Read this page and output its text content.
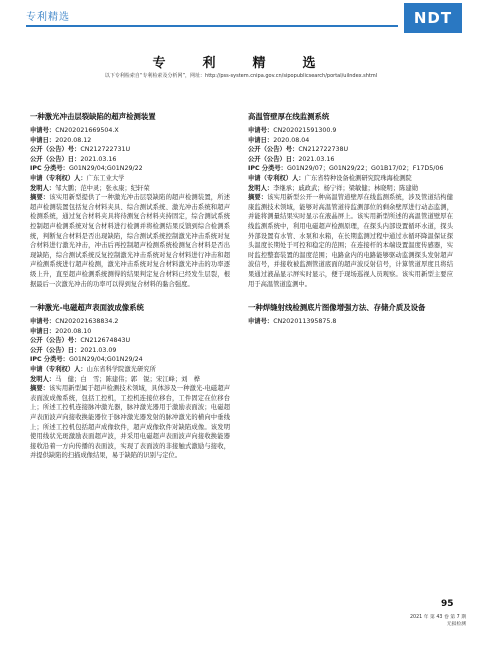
专利精选	NDT
专　利　精　选
以下专利检索自“专利检索及分析网”，网址：http://pss-system.cnipa.gov.cn/sipopublicsearch/portal/uilndex.shtml
一种激光冲击层裂缺陷的超声检测装置
申请号：CN202021669504.X
申请日：2020.08.12
公开（公告）号：CN212722731U
公开（公告）日：2021.03.16
IPC 分类号：G01N29/04;G01N29/22
申请（专利权）人：广东工业大学
发明人：邹大鹏；范中灵；张永康；纪轩荣
摘要：该实用新型提供了一种激光冲击层裂缺陷的超声检测装置，所述超声检测装置包括复合材料夹具、综合测试系统、激光冲击系统和超声检测系统，通过复合材料夹具将待测复合材料夹持固定，综合测试系统控制超声检测系统对复合材料进行检测并将检测结果反馈到综合检测系统，判断复合材料是否出现缺陷，综合测试系统控制激光冲击系统对复合材料进行激光冲击，冲击后再控制超声检测系统检测复合材料是否出现缺陷，综合测试系统反复控制激光冲击系统对复合材料进行冲击和超声检测系统进行超声检测，激光冲击系统对复合材料激光冲击的功率逐级上升，直至超声检测系统测得的结果判定复合材料已经发生层裂，根据最后一次激光冲击的功率可以得到复合材料的黏合强度。
一种激光-电磁超声表面波成像系统
申请号：CN202021638834.2
申请日：2020.08.10
公开（公告）号：CN212674843U
公开（公告）日：2021.03.09
IPC 分类号：G01N29/04;G01N29/24
申请（专利权）人：山东省科学院激光研究所
发明人：马　健；白　雪；陈建伟；郭　锐；宋江峰；刘　桦
摘要：该实用新型属于超声检测技术领域，具体涉及一种激光-电磁超声表面波成像系统，包括工控机，工控机连接位移台，工件固定在位移台上；所述工控机连接脉冲激光器，脉冲激光器用于激励表面波；电磁超声表面波声向接收换能器位于脉冲激光器发射的脉冲激光的横向中垂线上；所述工控机包括超声成像软件，超声成像软件对缺陷成像。该发明使用线状光斑激励表面超声波，并采用电磁超声表面波声向接收换能器接收沿着一方向传播的表面波，实现了表面波的非接触式激励与接收，并提供缺陷的扫描成像结果，易于缺陷的识别与定位。
高温管壁厚在线监测系统
申请号：CN202021591300.9
申请日：2020.08.04
公开（公告）号：CN212722738U
公开（公告）日：2021.03.16
IPC 分类号：G01N29/07；G01N29/22；G01B17/02；F17D5/06
申请（专利权）人：广东省特种设备检测研究院珠海检测院
发明人：李继承；戚政武；杨宁祥；梁敏健；林晓明；陈建勋
摘要：该实用新型公开一种高温管道壁厚在线监测系统，涉及管道结构健康监测技术领域，能够对高温管道待监测部位的剩余壁厚进行动态监测，并能将测量结果实时显示在液晶屏上。该实用新型所述的高温管道壁厚在线监测系统中，利用电磁超声检测原理，在探头内部设置循环水道，探头外部设置有水管、水泵和水箱，在长期监测过程中通过水循环降温保证探头温度长期处于可控和稳定的范围；在连接杆的本端设置温度传感器，实时监控整套装置的温度范围；电路盒内的电路能够驱动监测探头发射超声波信号，并接收被监测管道底面的超声波反射信号，计算管道厚度且将结果通过液晶显示屏实时显示，便于现场巡视人员观察。该实用新型主要应用于高温管道监测中。
一种焊缝射线检测底片图像增强方法、存储介质及设备
申请号：CN202011395875.8
95
2021 年 第 43 卷 第 7 期
无损检测
